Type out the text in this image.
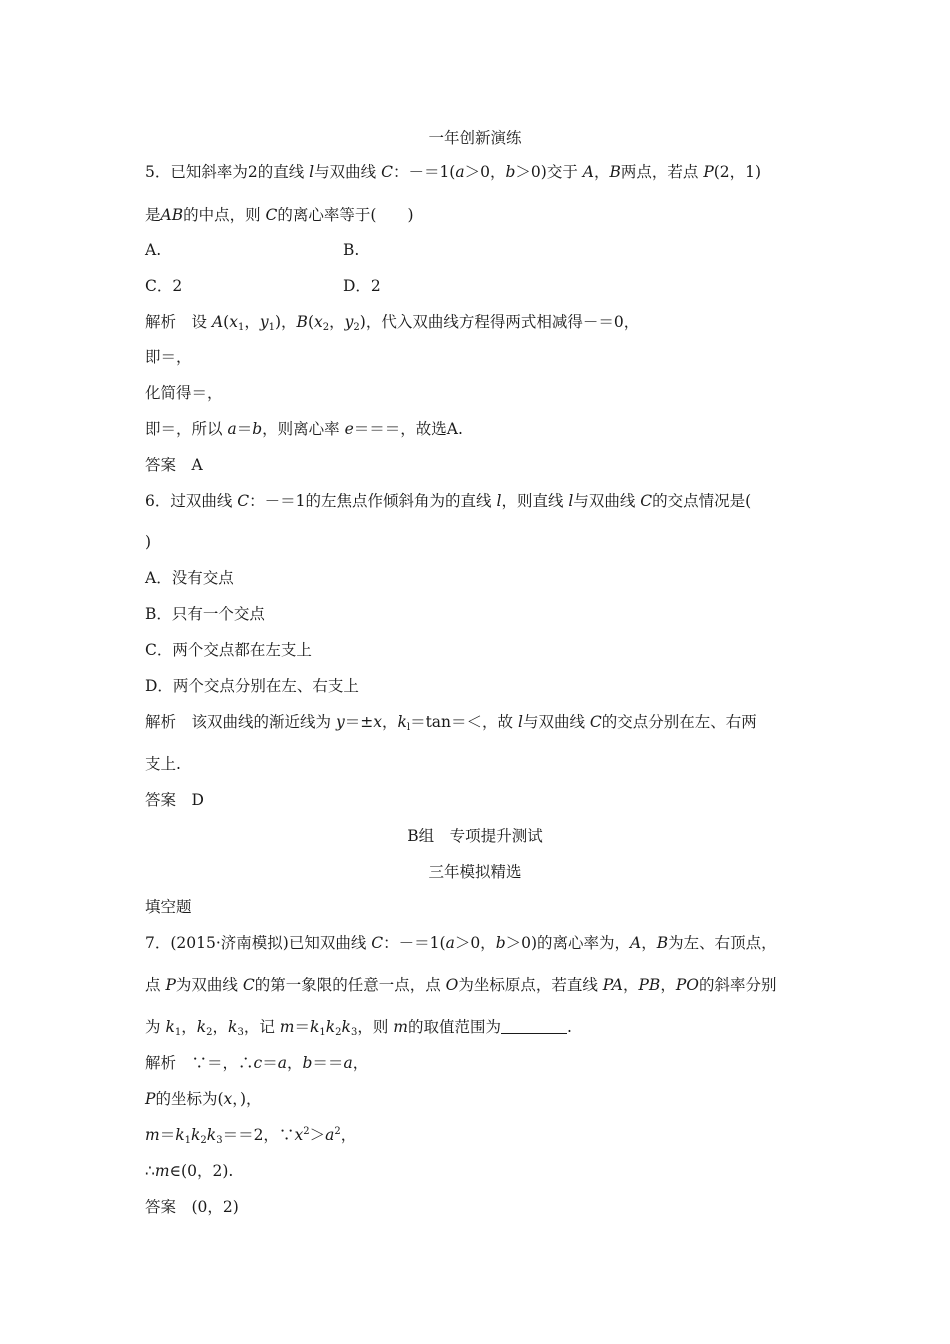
一年创新演练
5．已知斜率为2的直线 l与双曲线 C：－＝1(a＞0，b＞0)交于 A，B两点，若点 P(2，1)
是AB的中点，则 C的离心率等于(　　)
A.	B.
C．2	D．2
解析　设 $A(x_1$，$y_1$)，$B(x_2$，$y_2$)，代入双曲线方程得两式相减得－＝0，
即＝，
化简得＝，
即＝，所以 a＝b，则离心率 e＝＝＝，故选A.
答案　A
6．过双曲线 C：－＝1的左焦点作倾斜角为的直线 l，则直线 l与双曲线 C的交点情况是(
)
A．没有交点
B．只有一个交点
C．两个交点都在左支上
D．两个交点分别在左、右支上
解析　该双曲线的渐近线为 y＝±x，$k_l=\tan=<$，故 l与双曲线 C的交点分别在左、右两
支上.
答案　D
B组　专项提升测试
三年模拟精选
填空题
7．(2015·济南模拟)已知双曲线 C：－＝1(a＞0，b＞0)的离心率为，A，B为左、右顶点，
点 P为双曲线 C的第一象限的任意一点，点 O为坐标原点，若直线 PA，PB，PO的斜率分别
为 $k_1$，$k_2$，$k_3$，记 $m=k_1k_2k_3$，则 m的取值范围为	.
解析　∵＝，∴c＝a，b＝＝a，
P的坐标为(x，)，
$m=k_1k_2k_3==2$，$\because x^2>a^2$，
∴m∈(0，2).
答案　(0，2)
